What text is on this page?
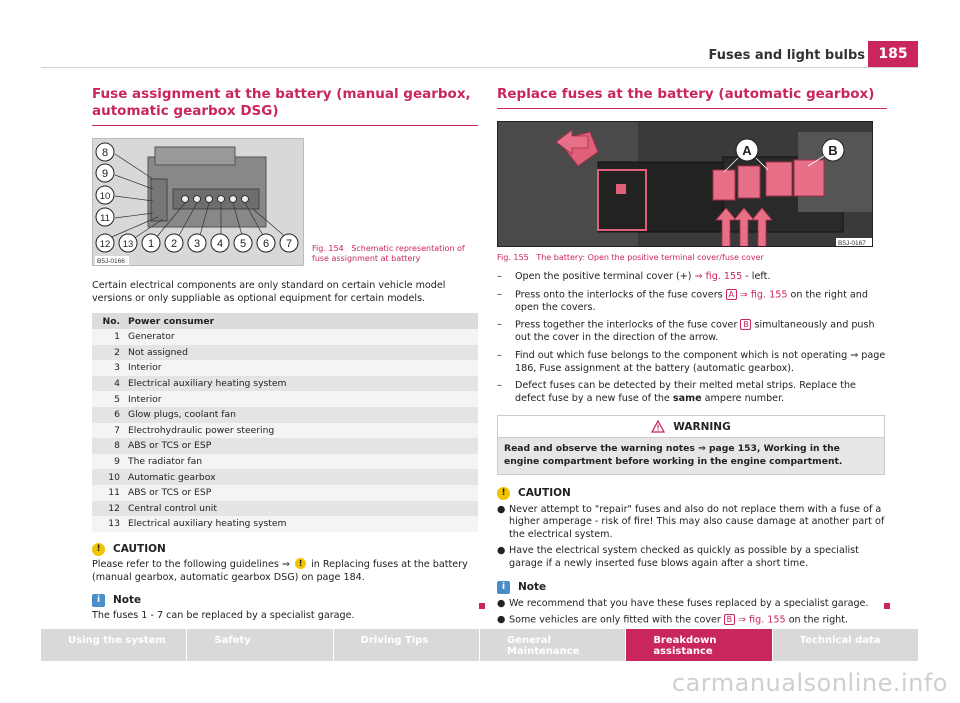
Fuses and light bulbs 185
Fuse assignment at the battery (manual gearbox, automatic gearbox DSG)
8
9
10
11
12 13 1 2 3 4 5 6 7
B5J-0166
Fig. 154 Schematic representation of fuse assignment at battery

Certain electrical components are only standard on certain vehicle model versions or only suppliable as optional equipment for certain models.

No.	Power consumer
1	Generator
2	Not assigned
3	Interior
4	Electrical auxiliary heating system
5	Interior
6	Glow plugs, coolant fan
7	Electrohydraulic power steering
8	ABS or TCS or ESP
9	The radiator fan
10	Automatic gearbox
11	ABS or TCS or ESP
12	Central control unit
13	Electrical auxiliary heating system
!	CAUTION

Please refer to the following guidelines ⇒ ! in Replacing fuses at the battery (manual gearbox, automatic gearbox DSG) on page 184.

i	Note

The fuses 1 - 7 can be replaced by a specialist garage.

Replace fuses at the battery (automatic gearbox)
A	B
B5J-0167
Fig. 155 The battery: Open the positive terminal cover/fuse cover
– Open the positive terminal cover (+) ⇒ fig. 155 - left.
– Press onto the interlocks of the fuse covers A ⇒ fig. 155 on the right and open the covers.
– Press together the interlocks of the fuse cover B simultaneously and push out the cover in the direction of the arrow.
– Find out which fuse belongs to the component which is not operating ⇒ page 186, Fuse assignment at the battery (automatic gearbox).
– Defect fuses can be detected by their melted metal strips. Replace the defect fuse by a new fuse of the same ampere number.
WARNING
Read and observe the warning notes ⇒ page 153, Working in the engine compartment before working in the engine compartment.
!	CAUTION
● Never attempt to "repair" fuses and also do not replace them with a fuse of a higher amperage - risk of fire! This may also cause damage at another part of the electrical system.
● Have the electrical system checked as quickly as possible by a specialist garage if a newly inserted fuse blows again after a short time.
i	Note
● We recommend that you have these fuses replaced by a specialist garage.
● Some vehicles are only fitted with the cover B ⇒ fig. 155 on the right.
Using the system	Safety	Driving Tips	General Maintenance
Breakdown assistance
Technical data
carmanualsonline.info
